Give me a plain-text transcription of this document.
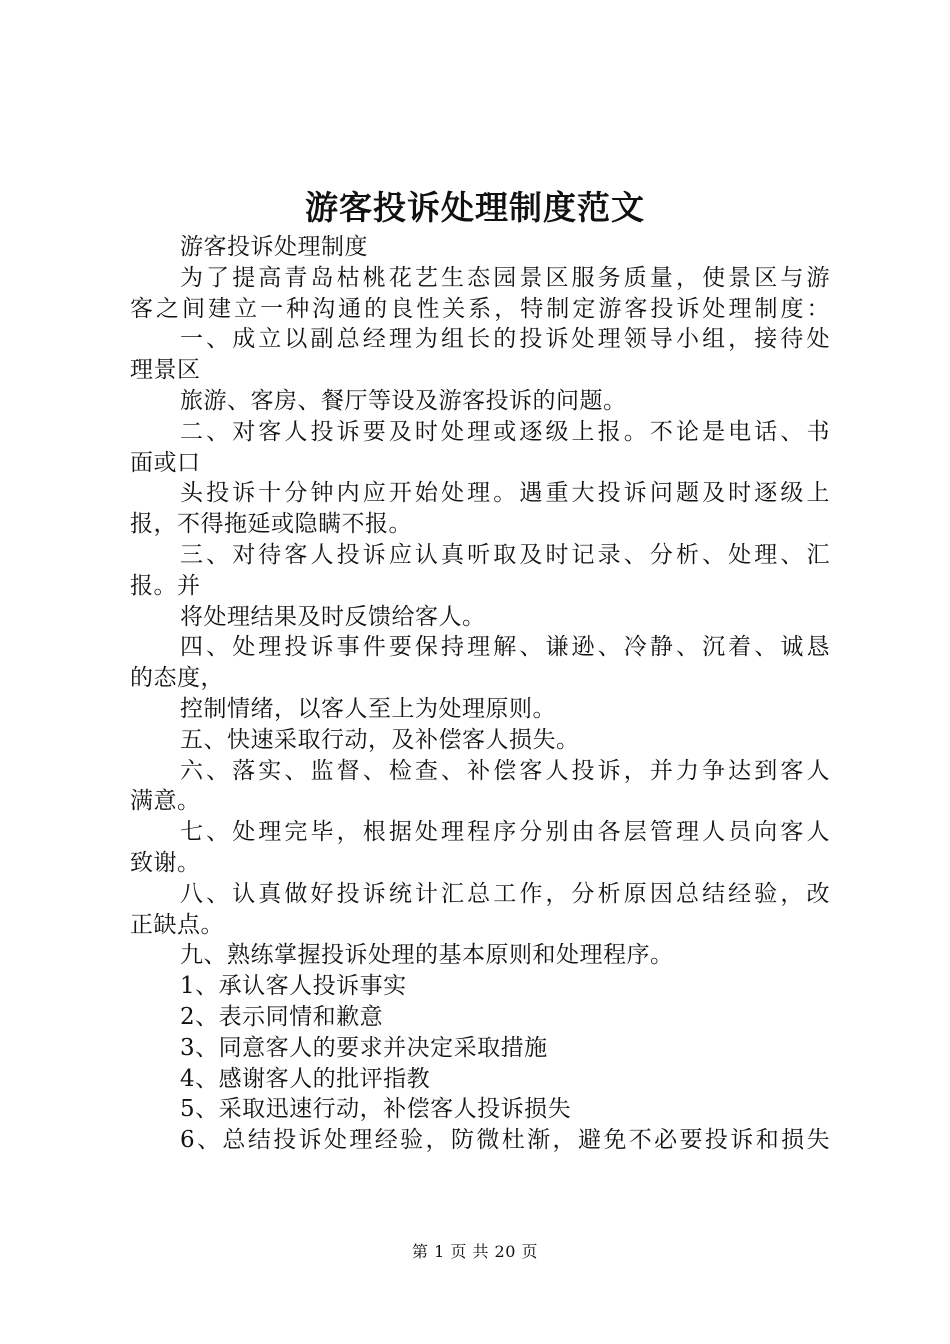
游客投诉处理制度范文
游客投诉处理制度
为了提高青岛枯桃花艺生态园景区服务质量，使景区与游
客之间建立一种沟通的良性关系，特制定游客投诉处理制度：
一、成立以副总经理为组长的投诉处理领导小组，接待处
理景区
旅游、客房、餐厅等设及游客投诉的问题。
二、对客人投诉要及时处理或逐级上报。不论是电话、书
面或口
头投诉十分钟内应开始处理。遇重大投诉问题及时逐级上
报，不得拖延或隐瞒不报。
三、对待客人投诉应认真听取及时记录、分析、处理、汇
报。并
将处理结果及时反馈给客人。
四、处理投诉事件要保持理解、谦逊、冷静、沉着、诚恳
的态度，
控制情绪，以客人至上为处理原则。
五、快速采取行动，及补偿客人损失。
六、落实、监督、检查、补偿客人投诉，并力争达到客人
满意。
七、处理完毕，根据处理程序分别由各层管理人员向客人
致谢。
八、认真做好投诉统计汇总工作，分析原因总结经验，改
正缺点。
九、熟练掌握投诉处理的基本原则和处理程序。
1、承认客人投诉事实
2、表示同情和歉意
3、同意客人的要求并决定采取措施
4、感谢客人的批评指教
5、采取迅速行动，补偿客人投诉损失
6、总结投诉处理经验，防微杜渐，避免不必要投诉和损失
第 1 页 共 20 页
